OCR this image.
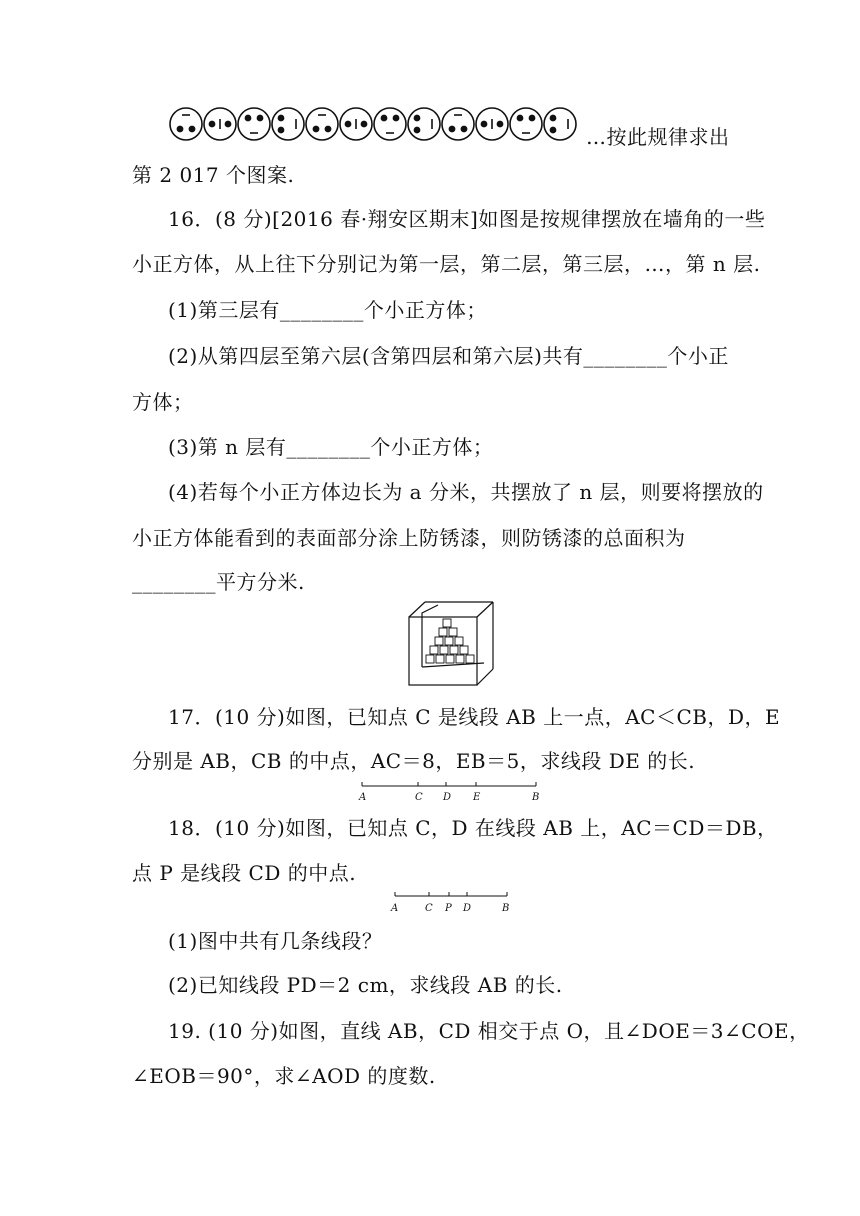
…按此规律求出
第 2 017 个图案.
16．(8 分)[2016 春·翔安区期末]如图是按规律摆放在墙角的一些
小正方体，从上往下分别记为第一层，第二层，第三层，…，第 n 层.
(1)第三层有________个小正方体；
(2)从第四层至第六层(含第四层和第六层)共有________个小正
方体；
(3)第 n 层有________个小正方体；
(4)若每个小正方体边长为 a 分米，共摆放了 n 层，则要将摆放的
小正方体能看到的表面部分涂上防锈漆，则防锈漆的总面积为
________平方分米.
17．(10 分)如图，已知点 C 是线段 AB 上一点，AC＜CB，D，E
分别是 AB，CB 的中点，AC＝8，EB＝5，求线段 DE 的长.
A	C D E	B
18．(10 分)如图，已知点 C，D 在线段 AB 上，AC＝CD＝DB，
点 P 是线段 CD 的中点.
A	C P D	B
(1)图中共有几条线段？
(2)已知线段 PD＝2 cm，求线段 AB 的长.
19. (10 分)如图，直线 AB，CD 相交于点 O，且∠DOE＝3∠COE，
∠EOB＝90°，求∠AOD 的度数.
